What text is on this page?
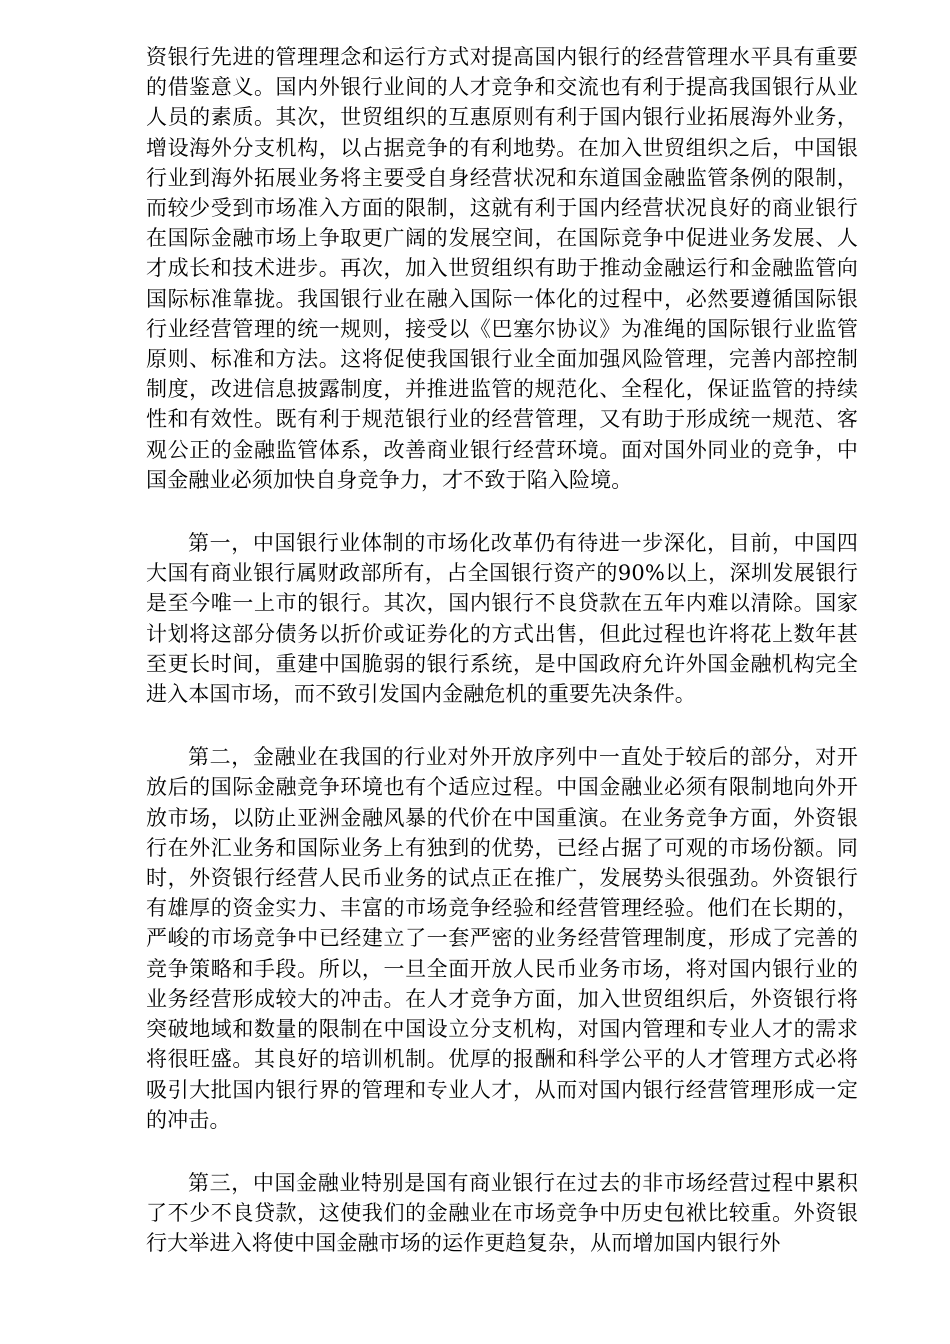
资银行先进的管理理念和运行方式对提高国内银行的经营管理水平具有重要的借鉴意义。国内外银行业间的人才竞争和交流也有利于提高我国银行从业人员的素质。其次，世贸组织的互惠原则有利于国内银行业拓展海外业务，增设海外分支机构，以占据竞争的有利地势。在加入世贸组织之后，中国银行业到海外拓展业务将主要受自身经营状况和东道国金融监管条例的限制，而较少受到市场准入方面的限制，这就有利于国内经营状况良好的商业银行在国际金融市场上争取更广阔的发展空间，在国际竞争中促进业务发展、人才成长和技术进步。再次，加入世贸组织有助于推动金融运行和金融监管向国际标准靠拢。我国银行业在融入国际一体化的过程中，必然要遵循国际银行业经营管理的统一规则，接受以《巴塞尔协议》为准绳的国际银行业监管原则、标准和方法。这将促使我国银行业全面加强风险管理，完善内部控制制度，改进信息披露制度，并推进监管的规范化、全程化，保证监管的持续性和有效性。既有利于规范银行业的经营管理，又有助于形成统一规范、客观公正的金融监管体系，改善商业银行经营环境。面对国外同业的竞争，中国金融业必须加快自身竞争力，才不致于陷入险境。

第一，中国银行业体制的市场化改革仍有待进一步深化，目前，中国四大国有商业银行属财政部所有，占全国银行资产的90%以上，深圳发展银行是至今唯一上市的银行。其次，国内银行不良贷款在五年内难以清除。国家计划将这部分债务以折价或证券化的方式出售，但此过程也许将花上数年甚至更长时间，重建中国脆弱的银行系统，是中国政府允许外国金融机构完全进入本国市场，而不致引发国内金融危机的重要先决条件。

第二，金融业在我国的行业对外开放序列中一直处于较后的部分，对开放后的国际金融竞争环境也有个适应过程。中国金融业必须有限制地向外开放市场，以防止亚洲金融风暴的代价在中国重演。在业务竞争方面，外资银行在外汇业务和国际业务上有独到的优势，已经占据了可观的市场份额。同时，外资银行经营人民币业务的试点正在推广，发展势头很强劲。外资银行有雄厚的资金实力、丰富的市场竞争经验和经营管理经验。他们在长期的，严峻的市场竞争中已经建立了一套严密的业务经营管理制度，形成了完善的竞争策略和手段。所以，一旦全面开放人民币业务市场，将对国内银行业的业务经营形成较大的冲击。在人才竞争方面，加入世贸组织后，外资银行将突破地域和数量的限制在中国设立分支机构，对国内管理和专业人才的需求将很旺盛。其良好的培训机制。优厚的报酬和科学公平的人才管理方式必将吸引大批国内银行界的管理和专业人才，从而对国内银行经营管理形成一定的冲击。

第三，中国金融业特别是国有商业银行在过去的非市场经营过程中累积了不少不良贷款，这使我们的金融业在市场竞争中历史包袱比较重。外资银行大举进入将使中国金融市场的运作更趋复杂，从而增加国内银行外
